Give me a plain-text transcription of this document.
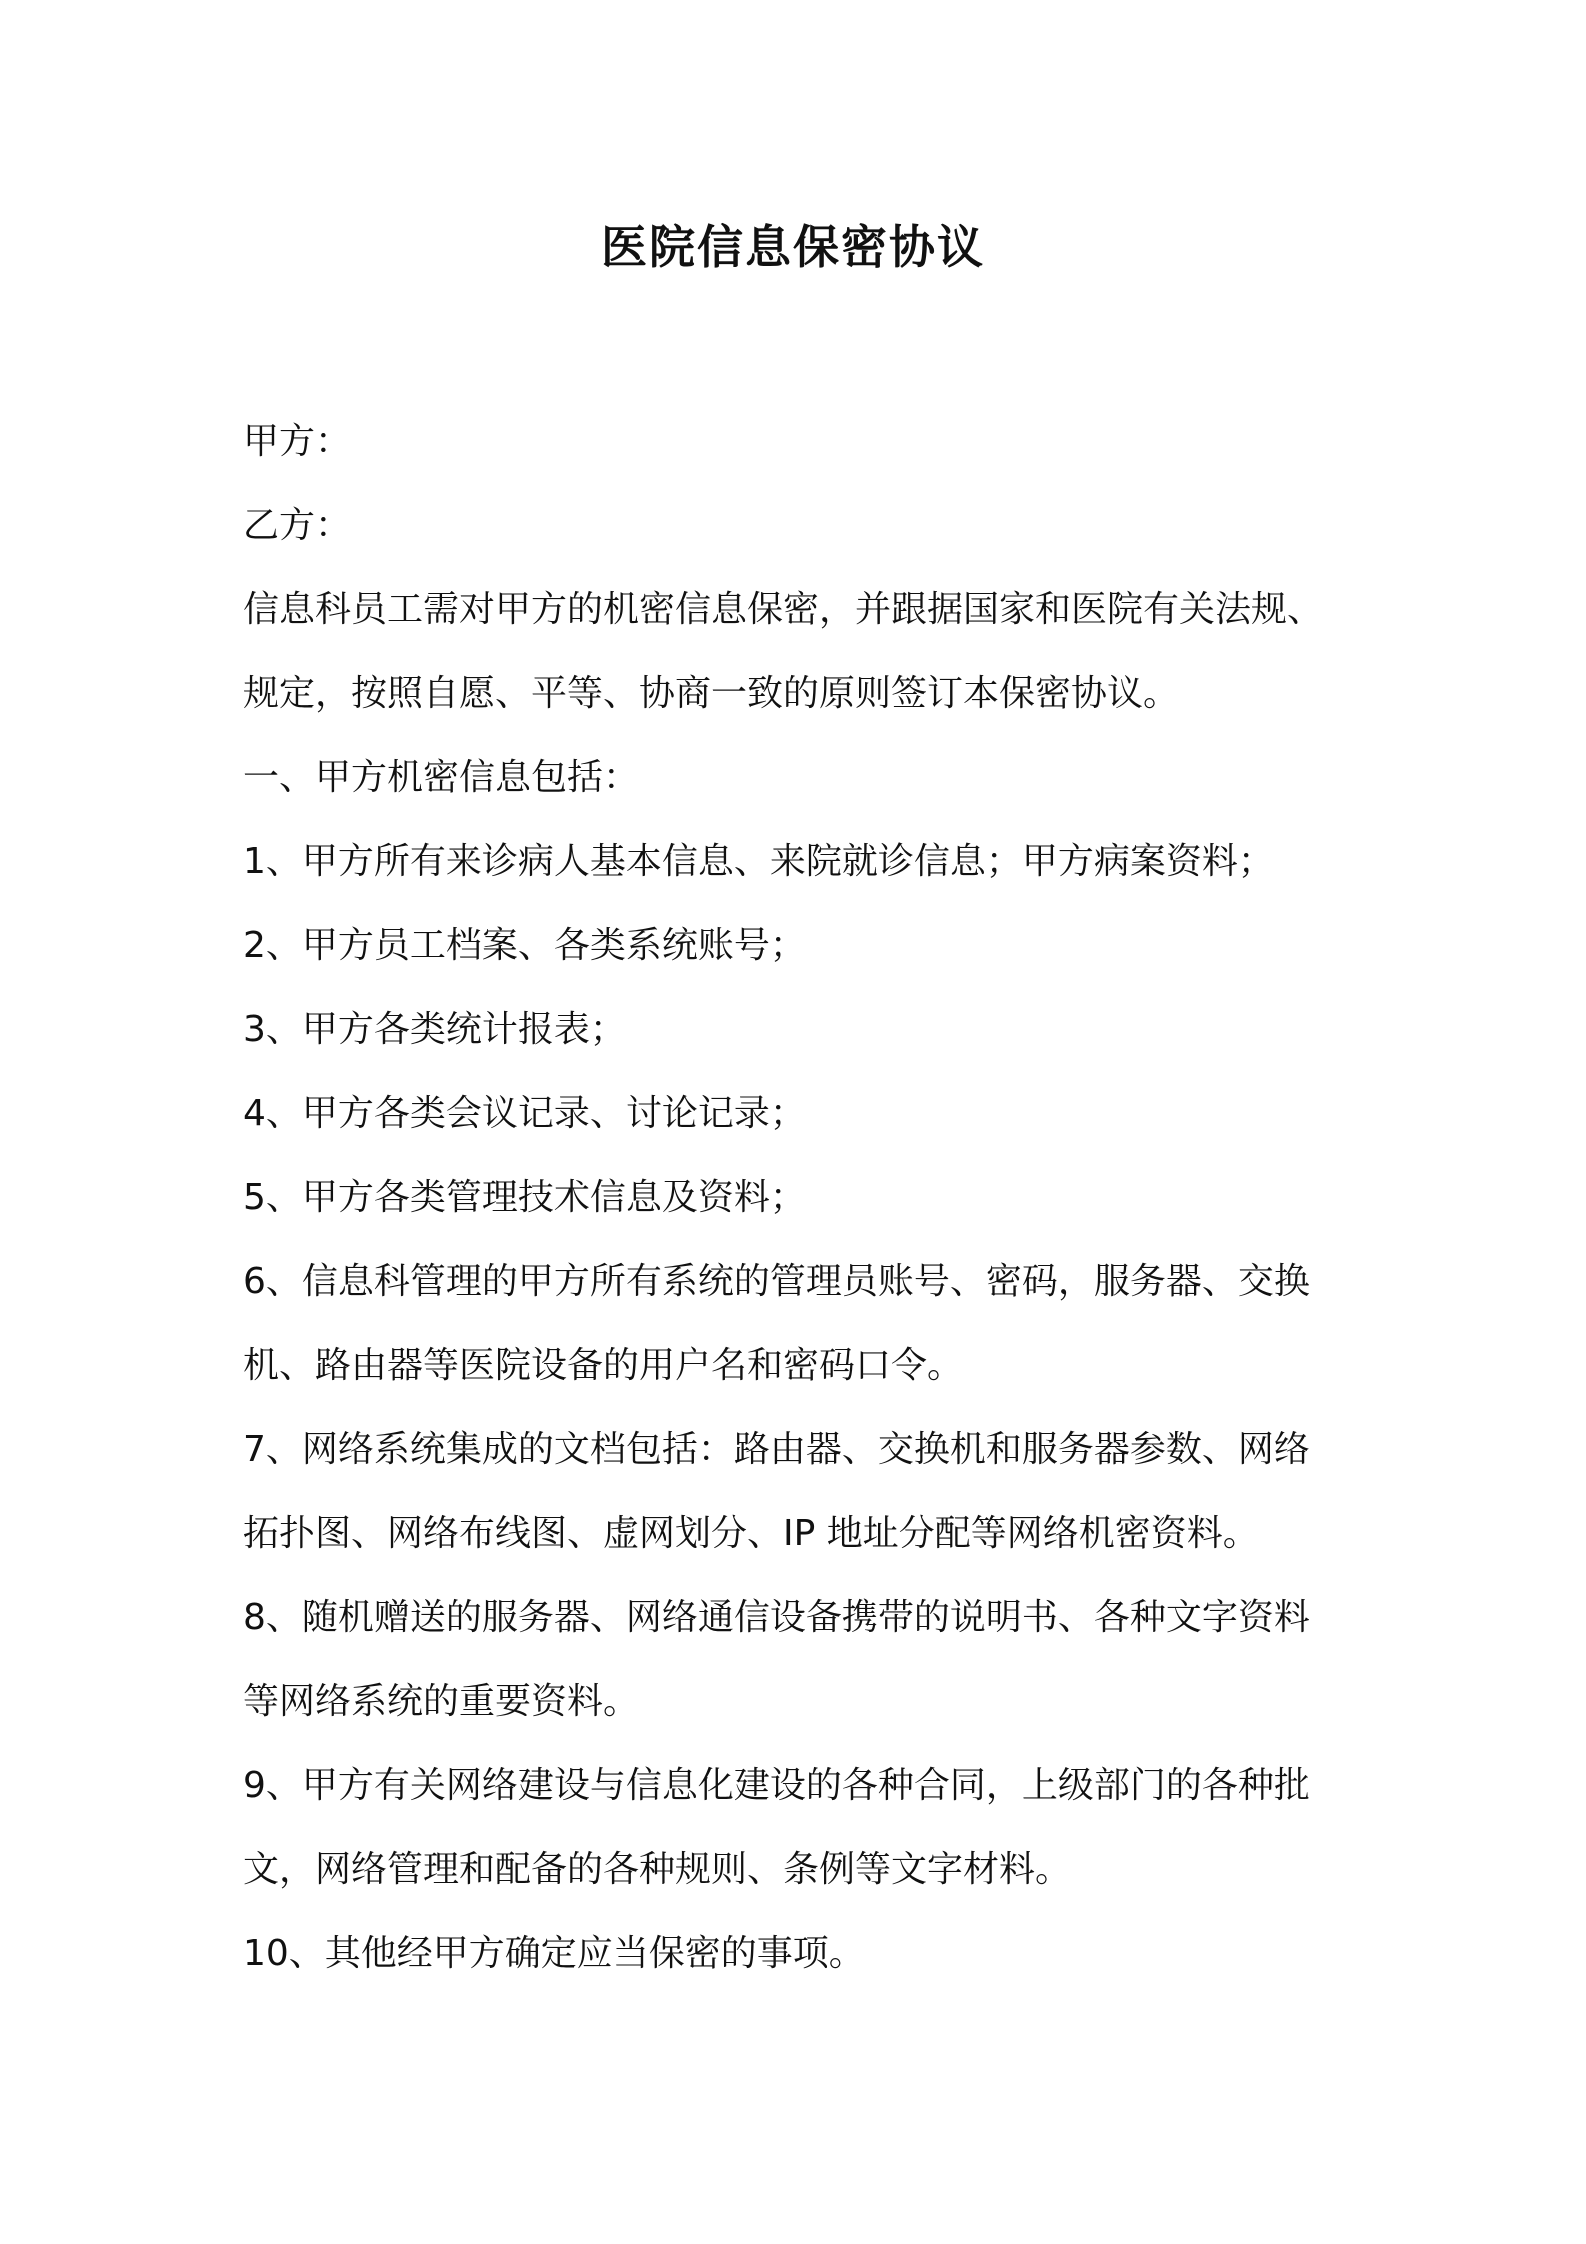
医院信息保密协议

甲方：

乙方：

信息科员工需对甲方的机密信息保密，并跟据国家和医院有关法规、

规定，按照自愿、平等、协商一致的原则签订本保密协议。

一、甲方机密信息包括：

1、甲方所有来诊病人基本信息、来院就诊信息；甲方病案资料；

2、甲方员工档案、各类系统账号；

3、甲方各类统计报表；

4、甲方各类会议记录、讨论记录；

5、甲方各类管理技术信息及资料；

6、信息科管理的甲方所有系统的管理员账号、密码，服务器、交换

机、路由器等医院设备的用户名和密码口令。

7、网络系统集成的文档包括：路由器、交换机和服务器参数、网络

拓扑图、网络布线图、虚网划分、IP 地址分配等网络机密资料。

8、随机赠送的服务器、网络通信设备携带的说明书、各种文字资料

等网络系统的重要资料。

9、甲方有关网络建设与信息化建设的各种合同，上级部门的各种批

文，网络管理和配备的各种规则、条例等文字材料。

10、其他经甲方确定应当保密的事项。
